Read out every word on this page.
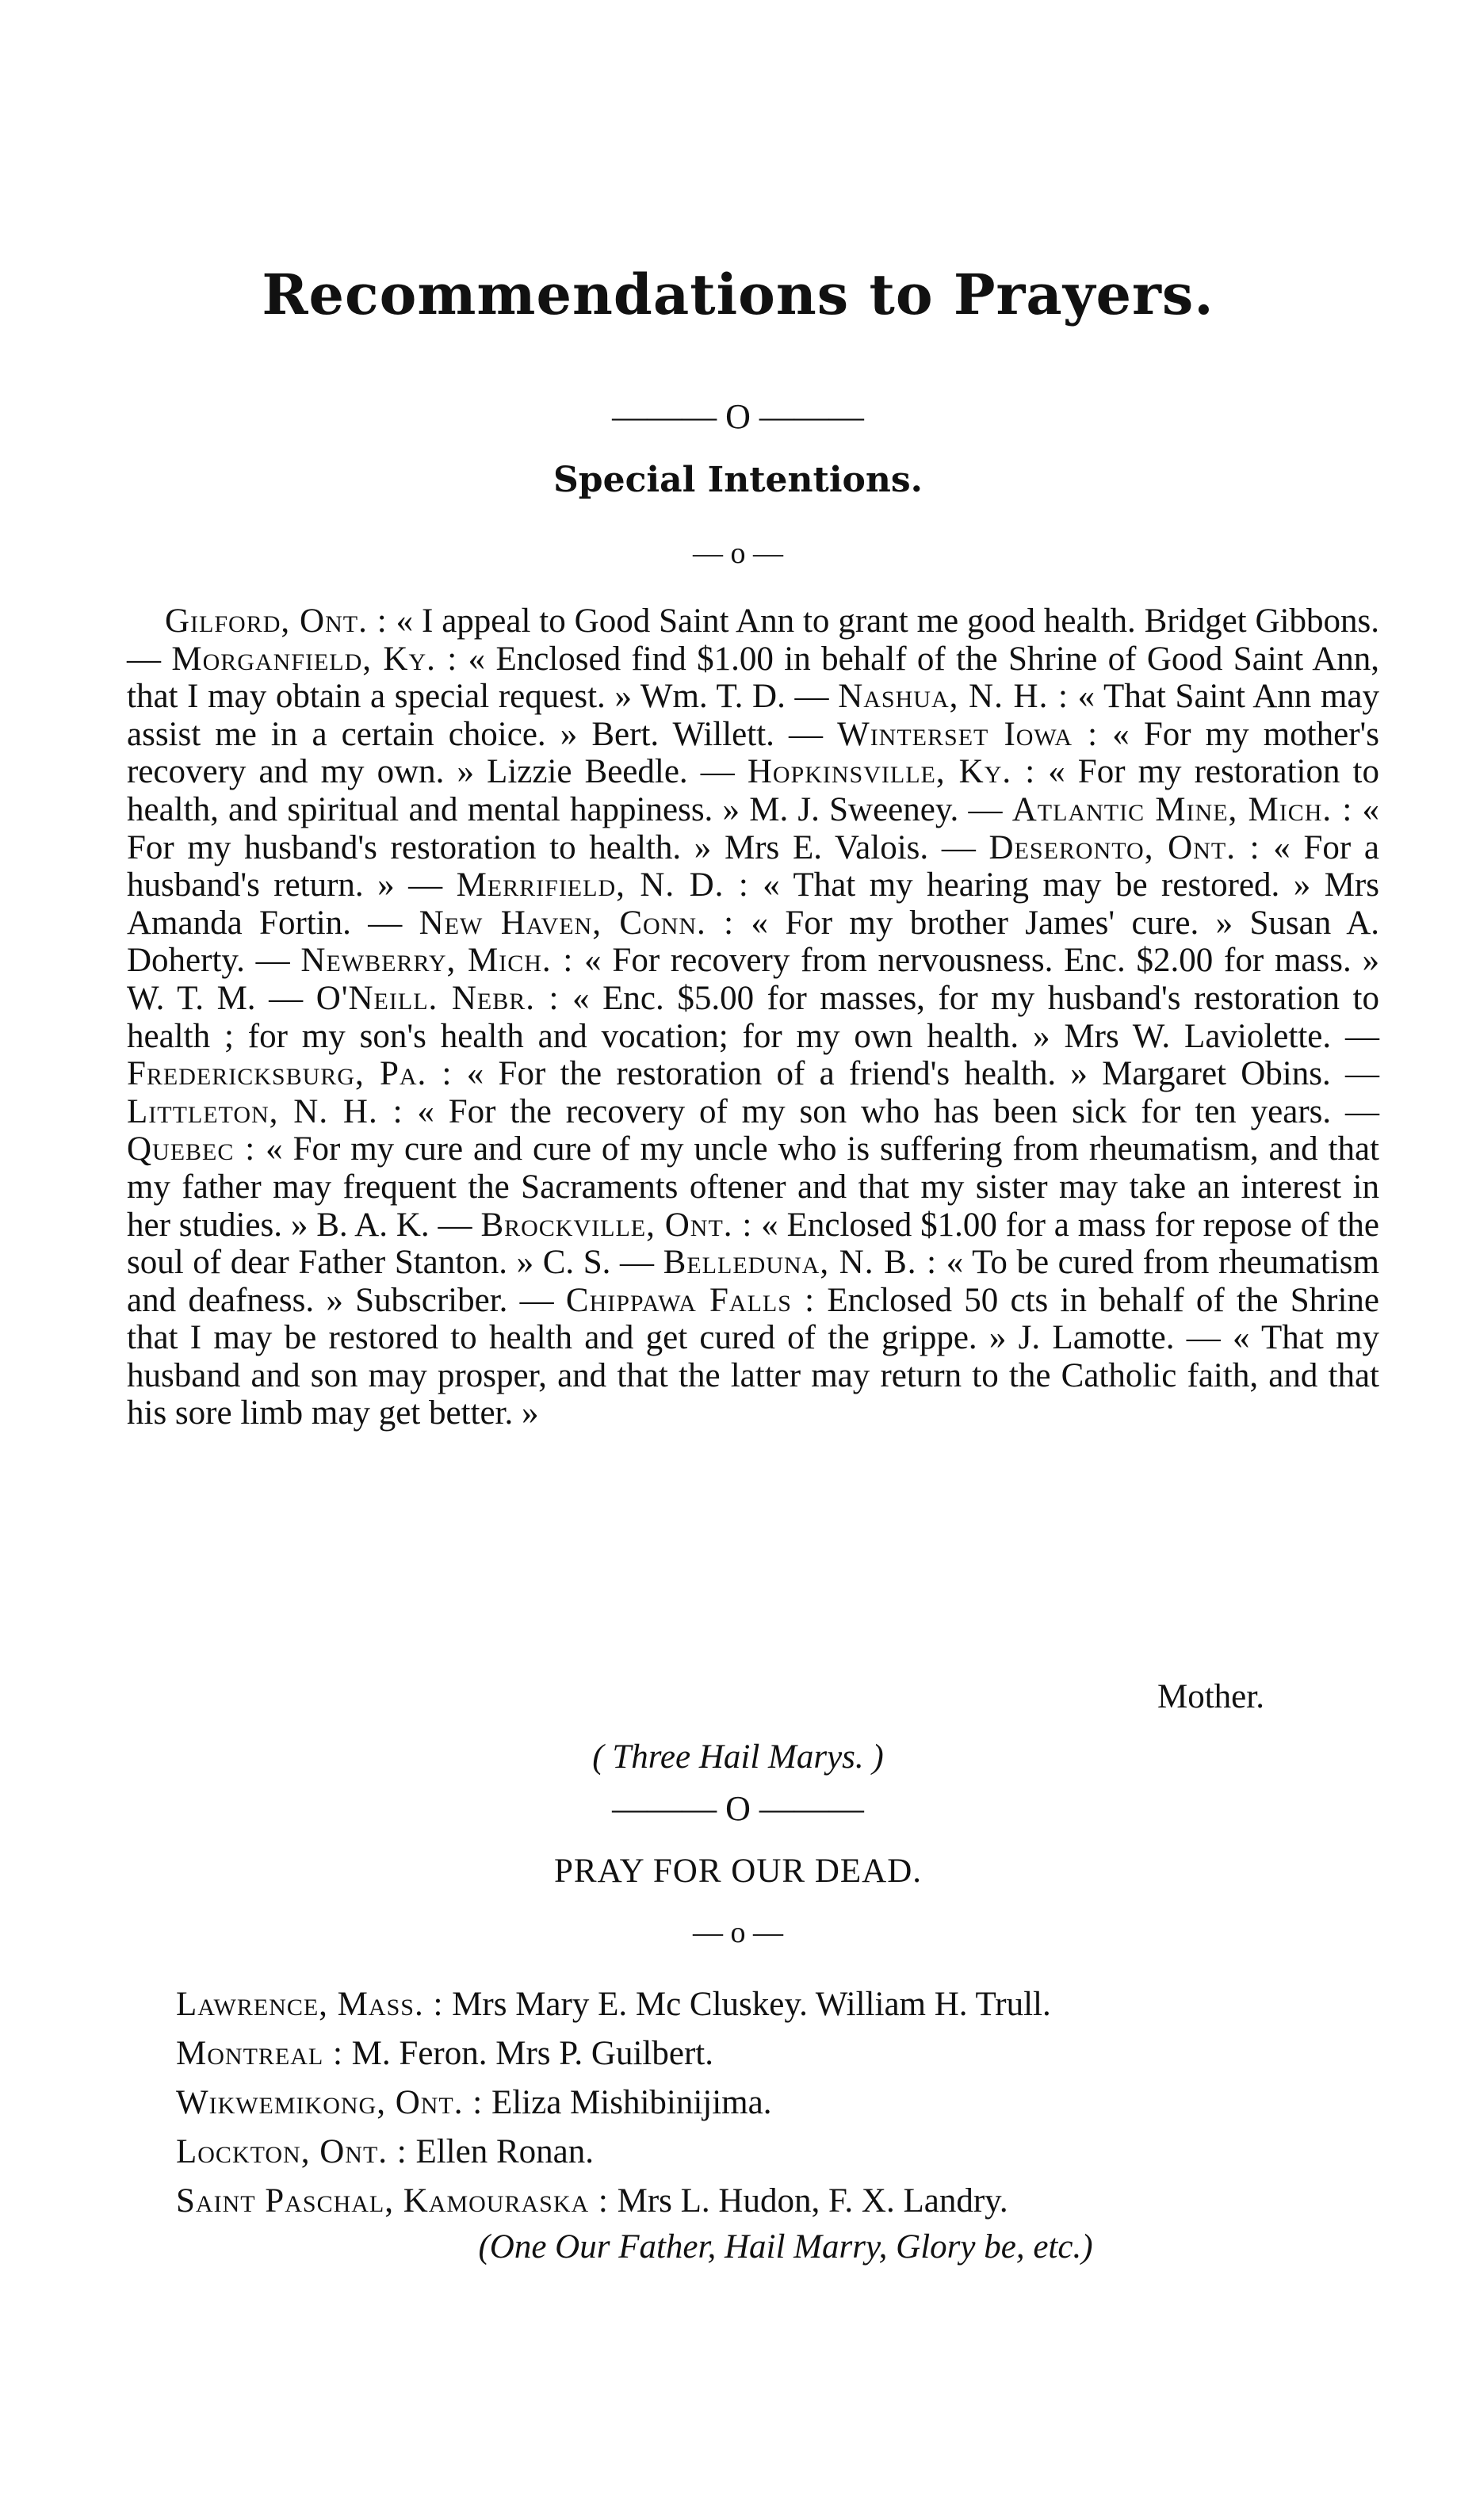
Recommendations to Prayers.
——— O ———
Special Intentions.
— o —
Gilford, Ont. : « I appeal to Good Saint Ann to grant me good health. Bridget Gibbons. — Morganfield, Ky. : « Enclosed find $1.00 in behalf of the Shrine of Good Saint Ann, that I may obtain a special request. » Wm. T. D. — Nashua, N. H. : « That Saint Ann may assist me in a certain choice. » Bert. Willett. — Winterset Iowa : « For my mother's recovery and my own. » Lizzie Beedle. — Hopkinsville, Ky. : « For my restoration to health, and spiritual and mental happiness. » M. J. Sweeney. — Atlantic Mine, Mich. : « For my husband's restoration to health. » Mrs E. Valois. — Deseronto, Ont. : « For a husband's return. » — Merrifield, N. D. : « That my hearing may be restored. » Mrs Amanda Fortin. — New Haven, Conn. : « For my brother James' cure. » Susan A. Doherty. — Newberry, Mich. : « For recovery from nervousness. Enc. $2.00 for mass. » W. T. M. — O'Neill. Nebr. : « Enc. $5.00 for masses, for my husband's restoration to health ; for my son's health and vocation; for my own health. » Mrs W. Laviolette. — Fredericksburg, Pa. : « For the restoration of a friend's health. » Margaret Obins. — Littleton, N. H. : « For the recovery of my son who has been sick for ten years. — Quebec : « For my cure and cure of my uncle who is suffering from rheumatism, and that my father may frequent the Sacraments oftener and that my sister may take an interest in her studies. » B. A. K. — Brockville, Ont. : « Enclosed $1.00 for a mass for repose of the soul of dear Father Stanton. » C. S. — Belleduna, N. B. : « To be cured from rheumatism and deafness. » Subscriber. — Chippawa Falls : Enclosed 50 cts in behalf of the Shrine that I may be restored to health and get cured of the grippe. » J. Lamotte. — « That my husband and son may prosper, and that the latter may return to the Catholic faith, and that his sore limb may get better. »
Mother.
( Three Hail Marys. )
——— O ———
PRAY FOR OUR DEAD.
— o —
Lawrence, Mass. : Mrs Mary E. Mc Cluskey. William H. Trull.
Montreal : M. Feron. Mrs P. Guilbert.
Wikwemikong, Ont. : Eliza Mishibinijima.
Lockton, Ont. : Ellen Ronan.
Saint Paschal, Kamouraska : Mrs L. Hudon, F. X. Landry.
(One Our Father, Hail Marry, Glory be, etc.)
